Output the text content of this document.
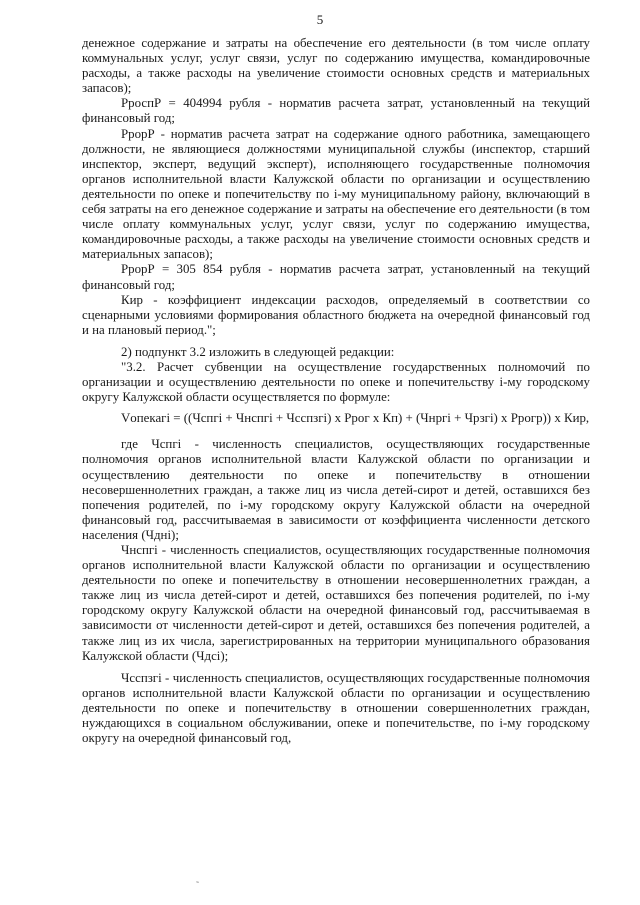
5

денежное содержание и затраты на обеспечение его деятельности (в том числе оплату коммунальных услуг, услуг связи, услуг по содержанию имущества, командировочные расходы, а также расходы на увеличение стоимости основных средств и материальных запасов);

PроспР = 404994 рубля - норматив расчета затрат, установленный на текущий финансовый год;

PрорР - норматив расчета затрат на содержание одного работника, замещающего должности, не являющиеся должностями муниципальной службы (инспектор, старший инспектор, эксперт, ведущий эксперт), исполняющего государственные полномочия органов исполнительной власти Калужской области по организации и осуществлению деятельности по опеке и попечительству по i-му муниципальному району, включающий в себя затраты на его денежное содержание и затраты на обеспечение его деятельности (в том числе оплату коммунальных услуг, услуг связи, услуг по содержанию имущества, командировочные расходы, а также расходы на увеличение стоимости основных средств и материальных запасов);

PрорР = 305 854 рубля - норматив расчета затрат, установленный на текущий финансовый год;

Кир - коэффициент индексации расходов, определяемый в соответствии со сценарными условиями формирования областного бюджета на очередной финансовый год и на плановый период.";

2) подпункт 3.2 изложить в следующей редакции:

"3.2. Расчет субвенции на осуществление государственных полномочий по организации и осуществлению деятельности по опеке и попечительству i-му городскому округу Калужской области осуществляется по формуле:

Vопекагi = ((Чспгi + Чнспгi + Чсспзгi) x Pрог x Кп) + (Чнргi + Чрзгi) x Pрогр)) x Кир,

где Чспгi - численность специалистов, осуществляющих государственные полномочия органов исполнительной власти Калужской области по организации и осуществлению деятельности по опеке и попечительству в отношении несовершеннолетних граждан, а также лиц из числа детей-сирот и детей, оставшихся без попечения родителей, по i-му городскому округу Калужской области на очередной финансовый год, рассчитываемая в зависимости от коэффициента численности детского населения (Чдні);

Чнспгi - численность специалистов, осуществляющих государственные полномочия органов исполнительной власти Калужской области по организации и осуществлению деятельности по опеке и попечительству в отношении несовершеннолетних граждан, а также лиц из числа детей-сирот и детей, оставшихся без попечения родителей, по i-му городскому округу Калужской области на очередной финансовый год, рассчитываемая в зависимости от численности детей-сирот и детей, оставшихся без попечения родителей, а также лиц из их числа, зарегистрированных на территории муниципального образования Калужской области (Чдсi);

Чсспзгi - численность специалистов, осуществляющих государственные полномочия органов исполнительной власти Калужской области по организации и осуществлению деятельности по опеке и попечительству в отношении совершеннолетних граждан, нуждающихся в социальном обслуживании, опеке и попечительстве, по i-му городскому округу на очередной финансовый год,

˜
